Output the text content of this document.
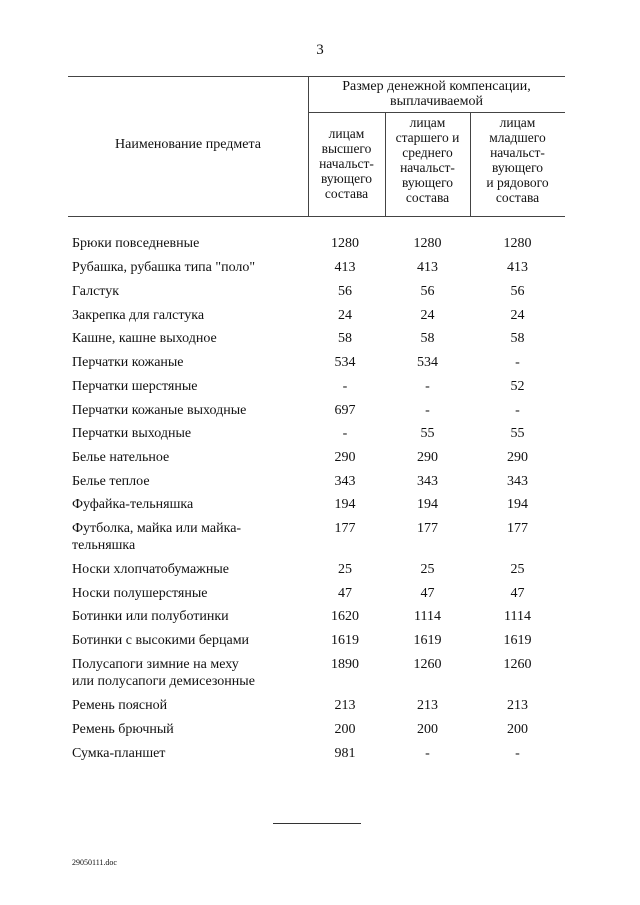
3
Наименование предмета
Размер денежной компенсации,
выплачиваемой
лицам
высшего
начальст-
вующего
состава
лицам
старшего и
среднего
начальст-
вующего
состава
лицам
младшего
начальст-
вующего
и рядового
состава
Брюки повседневные	1280	1280	1280
Рубашка, рубашка типа "поло"	413	413	413
Галстук	56	56	56
Закрепка для галстука	24	24	24
Кашне, кашне выходное	58	58	58
Перчатки кожаные	534	534	-
Перчатки шерстяные	-	-	52
Перчатки кожаные выходные	697	-	-
Перчатки выходные	-	55	55
Белье нательное	290	290	290
Белье теплое	343	343	343
Фуфайка-тельняшка	194	194	194
Футболка, майка или майка-
тельняшка
177	177	177
Носки хлопчатобумажные	25	25	25
Носки полушерстяные	47	47	47
Ботинки или полуботинки	1620	1114	1114
Ботинки с высокими берцами	1619	1619	1619
Полусапоги зимние на меху
или полусапоги демисезонные
1890	1260	1260
Ремень поясной	213	213	213
Ремень брючный	200	200	200
Сумка-планшет	981	-	-
29050111.doc
